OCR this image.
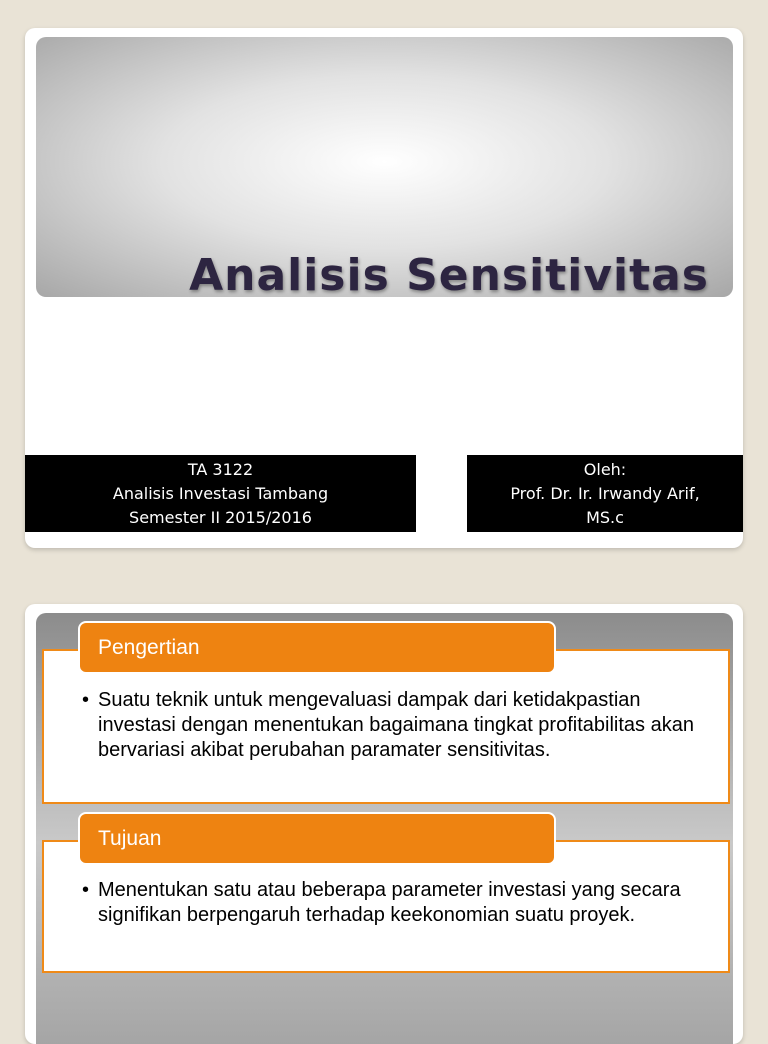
Analisis Sensitivitas
TA 3122
Analisis Investasi Tambang
Semester II 2015/2016
Oleh:
Prof. Dr. Ir. Irwandy Arif,
MS.c
• Suatu teknik untuk mengevaluasi dampak dari ketidakpastian investasi dengan menentukan bagaimana tingkat profitabilitas akan bervariasi akibat perubahan paramater sensitivitas.
Pengertian
• Menentukan satu atau beberapa parameter investasi yang secara signifikan berpengaruh terhadap keekonomian suatu proyek.
Tujuan
